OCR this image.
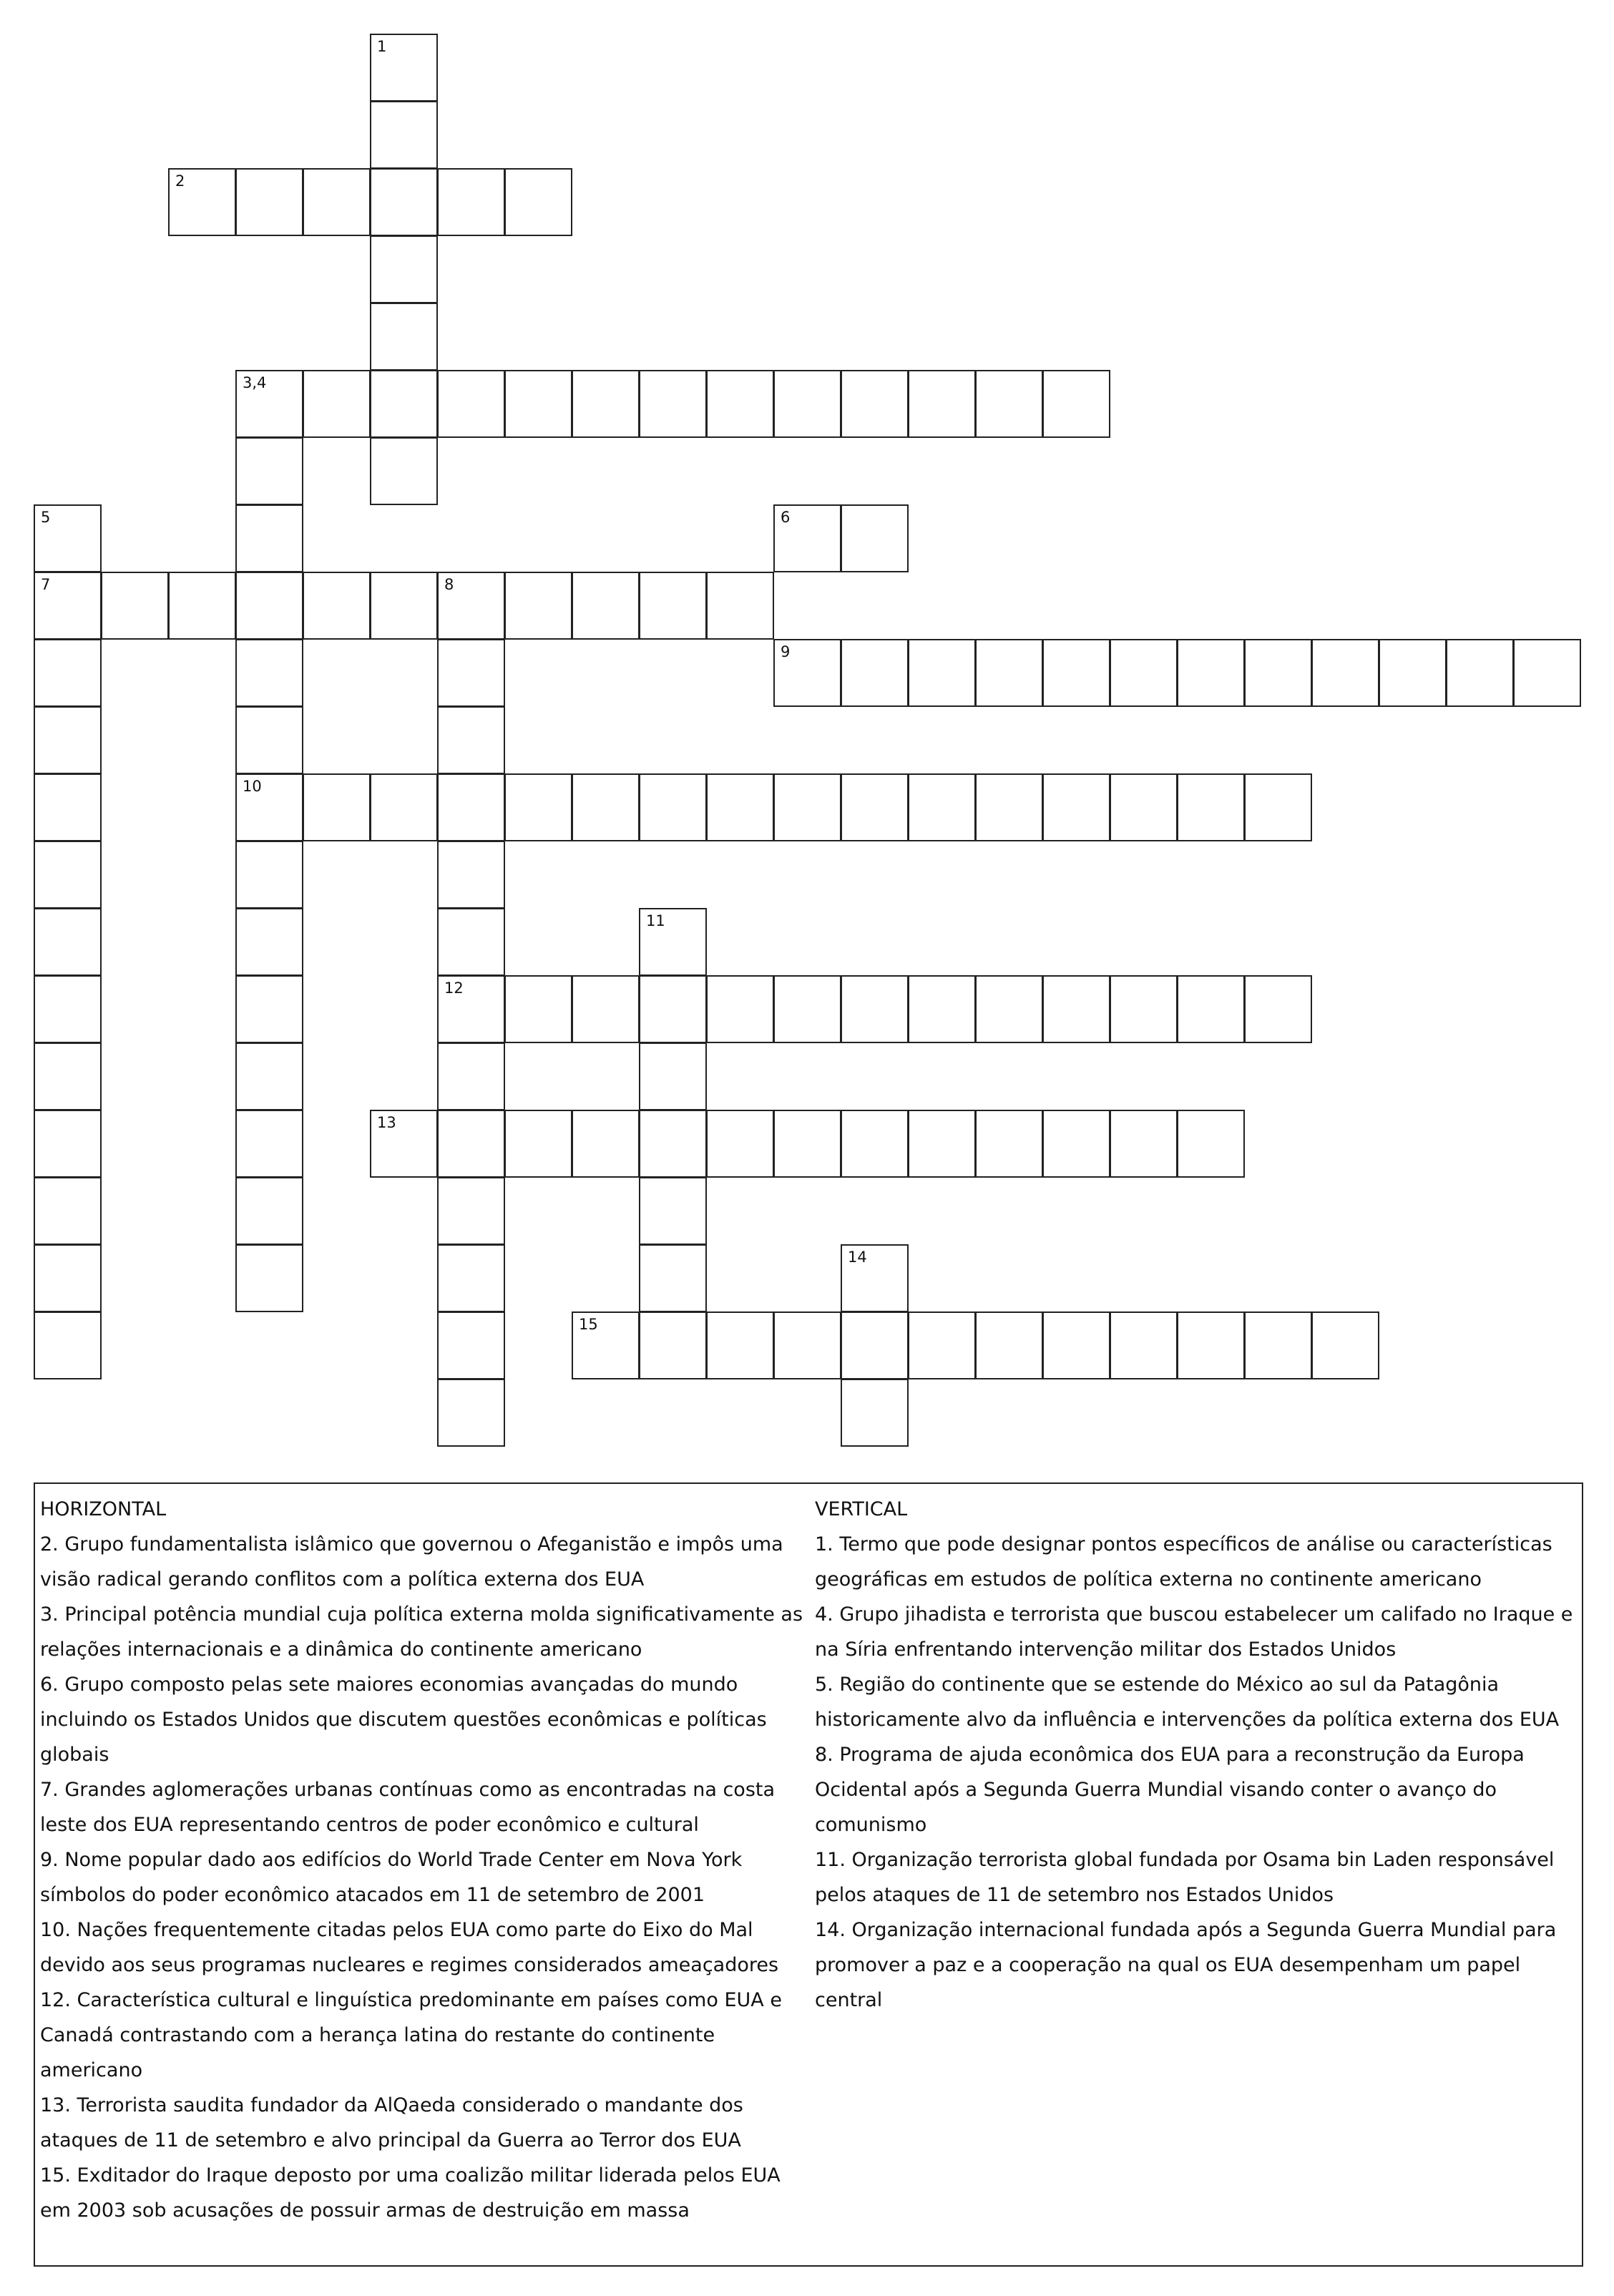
1
2
3,4
5	6
7	8
9
10
11
12
13
14
15
HORIZONTAL
2. Grupo fundamentalista islâmico que governou o Afeganistão e impôs uma
visão radical gerando conflitos com a política externa dos EUA
3. Principal potência mundial cuja política externa molda significativamente as
relações internacionais e a dinâmica do continente americano
6. Grupo composto pelas sete maiores economias avançadas do mundo
incluindo os Estados Unidos que discutem questões econômicas e políticas
globais
7. Grandes aglomerações urbanas contínuas como as encontradas na costa
leste dos EUA representando centros de poder econômico e cultural
9. Nome popular dado aos edifícios do World Trade Center em Nova York
símbolos do poder econômico atacados em 11 de setembro de 2001
10. Nações frequentemente citadas pelos EUA como parte do Eixo do Mal
devido aos seus programas nucleares e regimes considerados ameaçadores
12. Característica cultural e linguística predominante em países como EUA e
Canadá contrastando com a herança latina do restante do continente
americano
13. Terrorista saudita fundador da AlQaeda considerado o mandante dos
ataques de 11 de setembro e alvo principal da Guerra ao Terror dos EUA
15. Exditador do Iraque deposto por uma coalizão militar liderada pelos EUA
em 2003 sob acusações de possuir armas de destruição em massa
VERTICAL
1. Termo que pode designar pontos específicos de análise ou características
geográficas em estudos de política externa no continente americano
4. Grupo jihadista e terrorista que buscou estabelecer um califado no Iraque e
na Síria enfrentando intervenção militar dos Estados Unidos
5. Região do continente que se estende do México ao sul da Patagônia
historicamente alvo da influência e intervenções da política externa dos EUA
8. Programa de ajuda econômica dos EUA para a reconstrução da Europa
Ocidental após a Segunda Guerra Mundial visando conter o avanço do
comunismo
11. Organização terrorista global fundada por Osama bin Laden responsável
pelos ataques de 11 de setembro nos Estados Unidos
14. Organização internacional fundada após a Segunda Guerra Mundial para
promover a paz e a cooperação na qual os EUA desempenham um papel central
